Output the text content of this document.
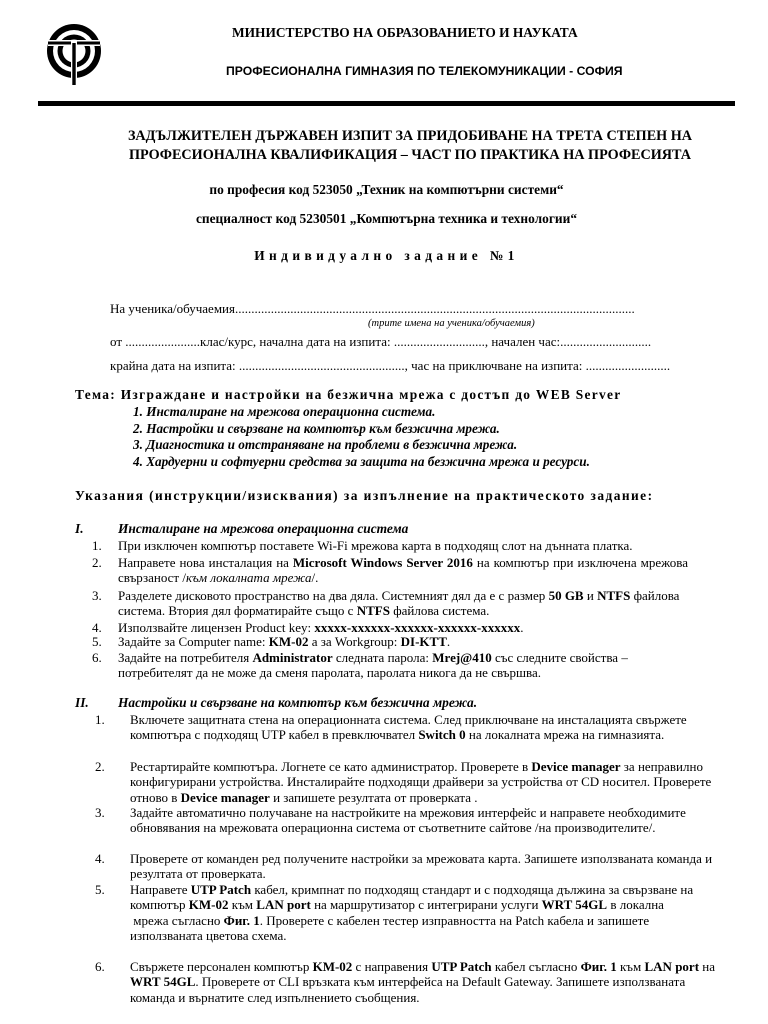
МИНИСТЕРСТВО НА ОБРАЗОВАНИЕТО И НАУКАТА
ПРОФЕСИОНАЛНА ГИМНАЗИЯ ПО ТЕЛЕКОМУНИКАЦИИ - СОФИЯ
ЗАДЪЛЖИТЕЛЕН ДЪРЖАВЕН ИЗПИТ ЗА ПРИДОБИВАНЕ НА ТРЕТА СТЕПЕН НА
ПРОФЕСИОНАЛНА КВАЛИФИКАЦИЯ – ЧАСТ ПО ПРАКТИКА НА ПРОФЕСИЯТА
по професия код 523050 „Техник на компютърни системи“
специалност код 5230501 „Компютърна техника и технологии“
Индивидуално задание №1
На ученика/обучаемия...........................................................................................................................
(трите имена на ученика/обучаемия)
от .......................клас/курс, начална дата на изпита: ............................, начален час:............................
крайна дата на изпита: ..................................................., час на приключване на изпита: ..........................
Тема: Изграждане и настройки на безжична мрежа с достъп до WEB Server
1. Инсталиране на мрежова операционна система.
2. Настройки и свързване на компютър към безжична мрежа.
3. Диагностика и отстраняване на проблеми в безжична мрежа.
4. Хардуерни и софтуерни средства за защита на безжична мрежа и ресурси.
Указания (инструкции/изисквания) за изпълнение на практическото задание:
I.	Инсталиране на мрежова операционна система
1. При изключен компютър поставете Wi-Fi мрежова карта в подходящ слот на дънната платка.
2. Направете нова инсталация на Microsoft Windows Server 2016 на компютър при изключена мрежова свързаност /към локалната мрежа/.
3. Разделете дисковото пространство на два дяла. Системният дял да е с размер 50 GB и NTFS файлова система. Втория дял форматирайте също с NTFS файлова система.
4. Използвайте лицензен Product key: xxxxx-xxxxxx-xxxxxx-xxxxxx-xxxxxx.
5. Задайте за Computer name: KM-02 а за Workgroup: DI-KTT.
6. Задайте на потребителя Administrator следната парола: Mrej@410 със следните свойства – потребителят да не може да сменя паролата, паролата никога да не свършва.
II. Настройки и свързване на компютър към безжична мрежа.
1. Включете защитната стена на операционната система. След приключване на инсталацията свържете компютъра с подходящ UTP кабел в превключвател Switch 0 на локалната мрежа на гимназията.
2. Рестартирайте компютъра. Логнете се като администратор. Проверете в Device manager за неправилно конфигурирани устройства. Инсталирайте подходящи драйвери за устройства от CD носител. Проверете отново в Device manager и запишете резултата от проверката .
3. Задайте автоматично получаване на настройките на мрежовия интерфейс и направете необходимите обновявания на мрежовата операционна система от съответните сайтове /на производителите/.
4. Проверете от команден ред получените настройки за мрежовата карта. Запишете използваната команда и резултата от проверката.
5. Направете UTP Patch кабел, кримпнат по подходящ стандарт и с подходяща дължина за свързване на компютър KM-02 към LAN port на маршрутизатор с интегрирани услуги WRT 54GL в локална
мрежа съгласно Фиг. 1. Проверете с кабелен тестер изправността на Patch кабела и запишете използваната цветова схема.
6. Свържете персонален компютър KM-02 с направения UTP Patch кабел съгласно Фиг. 1 към LAN port на WRT 54GL. Проверете от CLI връзката към интерфейса на Default Gateway. Запишете използваната команда и върнатите след изпълнението съобщения.
